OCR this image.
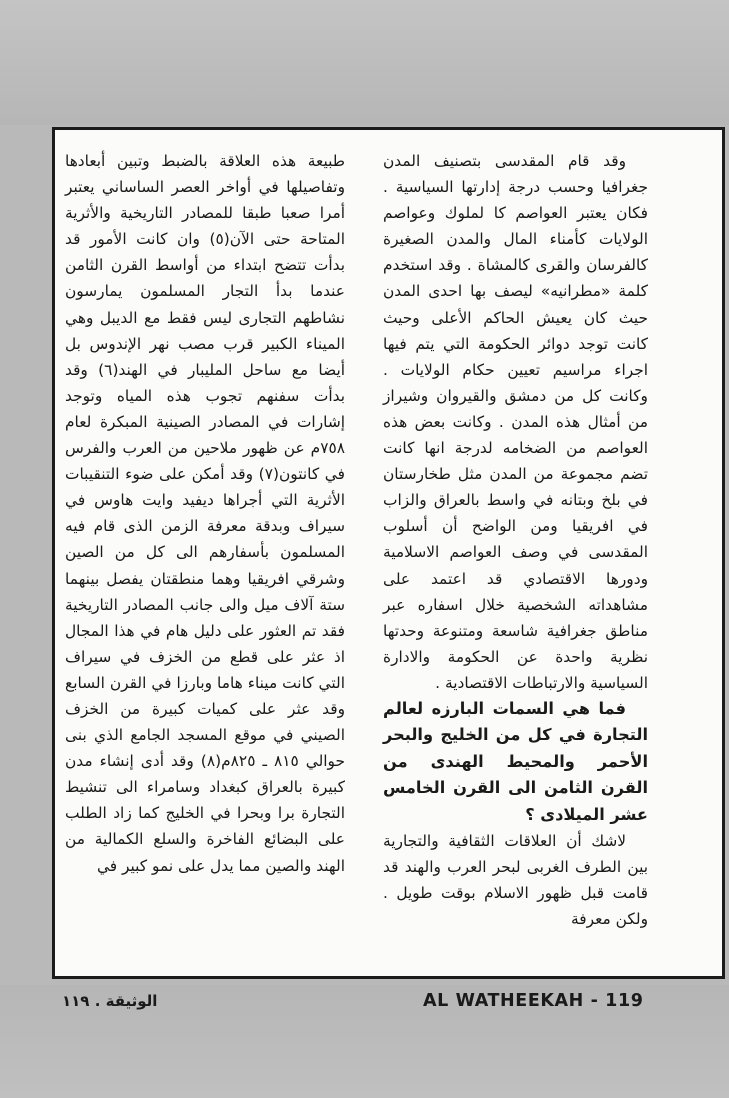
وقد قام المقدسى بتصنيف المدن جغرافيا وحسب درجة إدارتها السياسية . فكان يعتبر العواصم كا لملوك وعواصم الولايات كأمناء المال والمدن الصغيرة كالفرسان والقرى كالمشاة . وقد استخدم كلمة «مطرانيه» ليصف بها احدى المدن حيث كان يعيش الحاكم الأعلى وحيث كانت توجد دوائر الحكومة التي يتم فيها اجراء مراسيم تعيين حكام الولايات . وكانت كل من دمشق والقيروان وشيراز من أمثال هذه المدن . وكانت بعض هذه العواصم من الضخامه لدرجة انها كانت تضم مجموعة من المدن مثل طخارستان في بلخ وبتانه في واسط بالعراق والزاب في افريقيا ومن الواضح أن أسلوب المقدسى في وصف العواصم الاسلامية ودورها الاقتصادي قد اعتمد على مشاهداته الشخصية خلال اسفاره عبر مناطق جغرافية شاسعة ومتنوعة وحدتها نظرية واحدة عن الحكومة والادارة السياسية والارتباطات الاقتصادية .

فما هي السمات البارزه لعالم التجارة في كل من الخليج والبحر الأحمر والمحيط الهندى من القرن الثامن الى القرن الخامس عشر الميلادى ؟

لاشك أن العلاقات الثقافية والتجارية بين الطرف الغربى لبحر العرب والهند قد قامت قبل ظهور الاسلام بوقت طويل . ولكن معرفة

طبيعة هذه العلاقة بالضبط وتبين أبعادها وتفاصيلها في أواخر العصر الساساني يعتبر أمرا صعبا طبقا للمصادر التاريخية والأثرية المتاحة حتى الآن(٥) وان كانت الأمور قد بدأت تتضح ابتداء من أواسط القرن الثامن عندما بدأ التجار المسلمون يمارسون نشاطهم التجارى ليس فقط مع الديبل وهي الميناء الكبير قرب مصب نهر الإندوس بل أيضا مع ساحل المليبار في الهند(٦) وقد بدأت سفنهم تجوب هذه المياه وتوجد إشارات في المصادر الصينية المبكرة لعام ٧٥٨م عن ظهور ملاحين من العرب والفرس في كانتون(٧) وقد أمكن على ضوء التنقيبات الأثرية التي أجراها ديفيد وايت هاوس في سيراف وبدقة معرفة الزمن الذى قام فيه المسلمون بأسفارهم الى كل من الصين وشرقي افريقيا وهما منطقتان يفصل بينهما ستة آلاف ميل والى جانب المصادر التاريخية فقد تم العثور على دليل هام في هذا المجال اذ عثر على قطع من الخزف في سيراف التي كانت ميناء هاما وبارزا في القرن السابع وقد عثر على كميات كبيرة من الخزف الصيني في موقع المسجد الجامع الذي بنى حوالي ٨١٥ ـ ٨٢٥م(٨) وقد أدى إنشاء مدن كبيرة بالعراق كبغداد وسامراء الى تنشيط التجارة برا وبحرا في الخليج كما زاد الطلب على البضائع الفاخرة والسلع الكمالية من الهند والصين مما يدل على نمو كبير في

الوثيقة . ١١٩	AL WATHEEKAH - 119
